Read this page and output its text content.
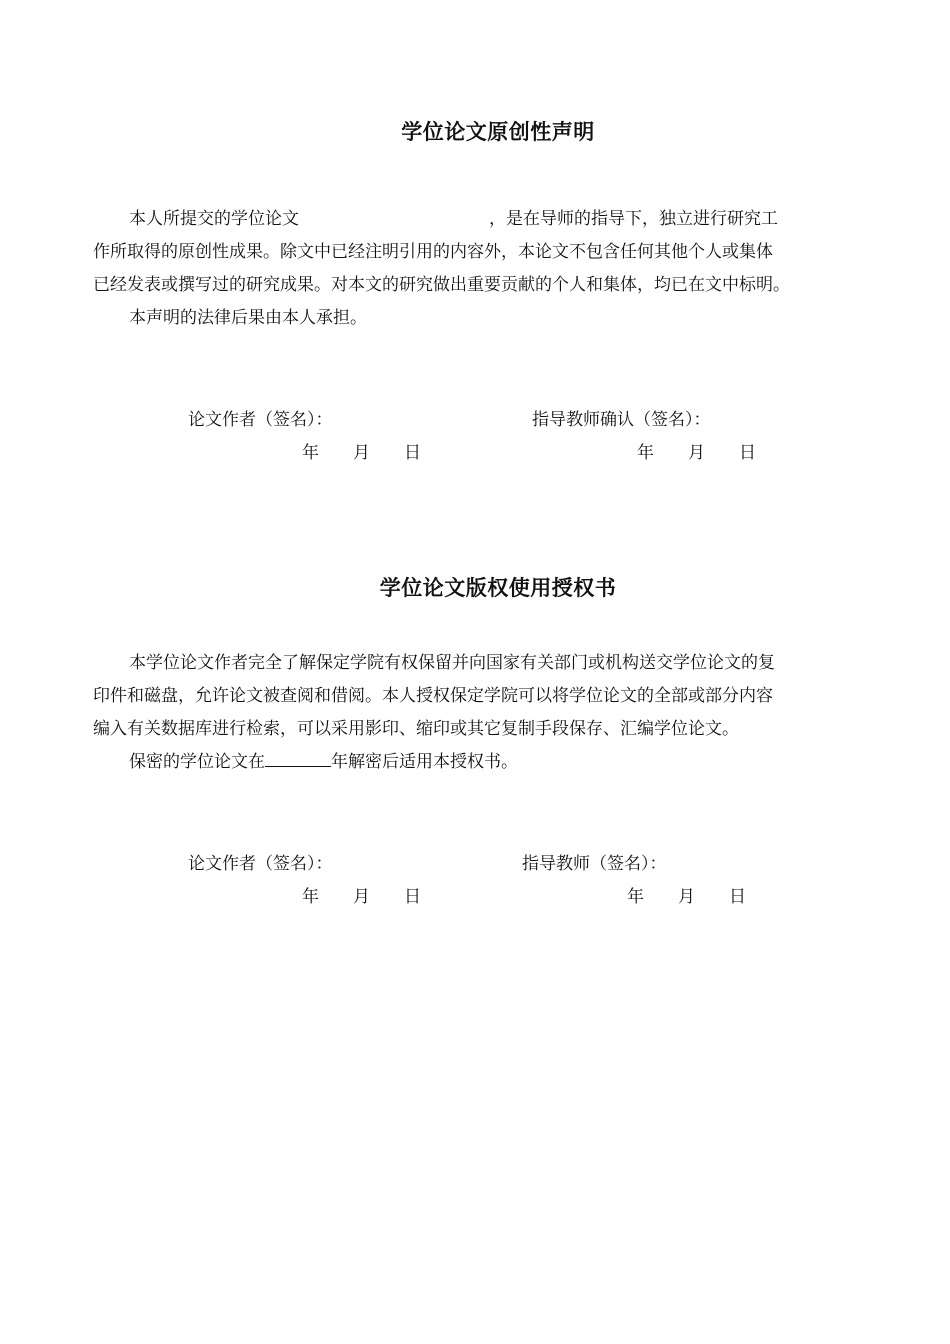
学位论文原创性声明
本人所提交的学位论文	，是在导师的指导下，独立进行研究工
作所取得的原创性成果。除文中已经注明引用的内容外，本论文不包含任何其他个人或集体
已经发表或撰写过的研究成果。对本文的研究做出重要贡献的个人和集体，均已在文中标明。
本声明的法律后果由本人承担。
论文作者（签名）：	指导教师确认（签名）：
年 月 日	年 月 日
学位论文版权使用授权书
本学位论文作者完全了解保定学院有权保留并向国家有关部门或机构送交学位论文的复
印件和磁盘，允许论文被查阅和借阅。本人授权保定学院可以将学位论文的全部或部分内容
编入有关数据库进行检索，可以采用影印、缩印或其它复制手段保存、汇编学位论文。
保密的学位论文在	年解密后适用本授权书。
论文作者（签名）：	指导教师（签名）：
年 月 日	年 月 日
